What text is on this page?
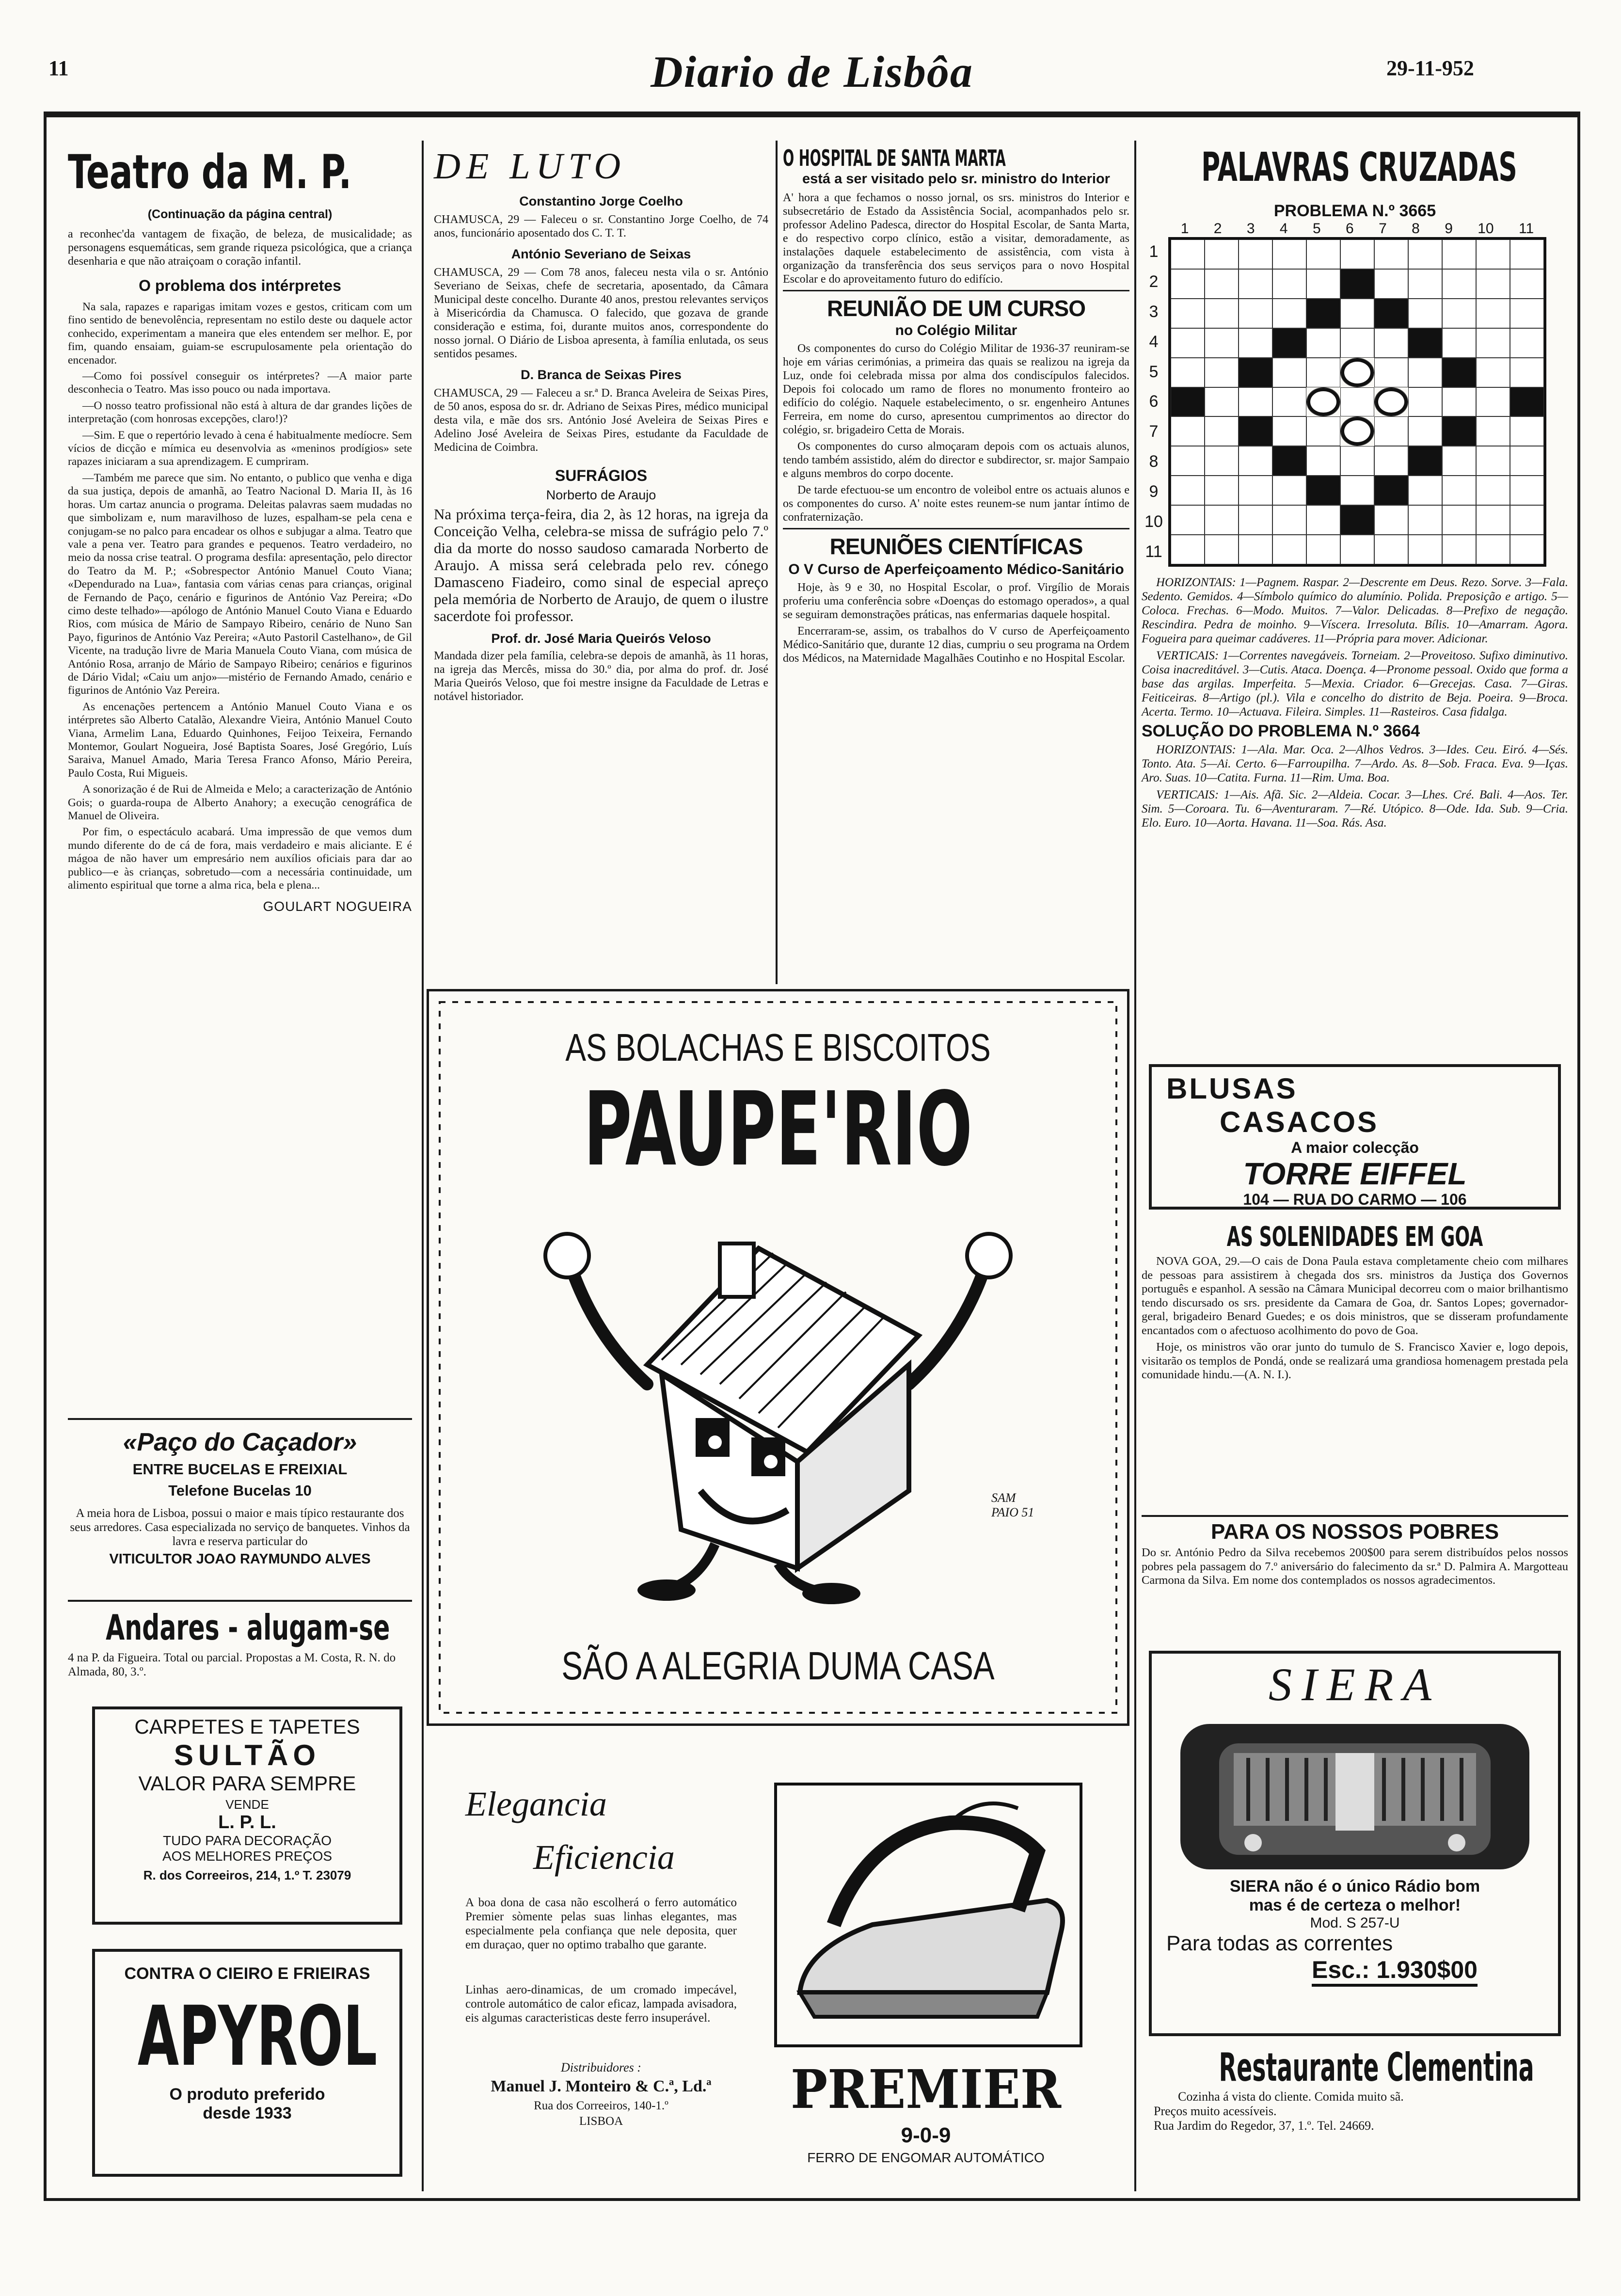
11	Diario de Lisbôa	29-11-952
Teatro da M. P.
(Continuação da página central)
a reconhec'da vantagem de fixação, de beleza, de musicalidade; as personagens esquemáticas, sem grande riqueza psicológica, que a criança desenharia e que não atraiçoam o coração infantil.
O problema dos intérpretes

Na sala, rapazes e raparigas imitam vozes e gestos, criticam com um fino sentido de benevolência, representam no estilo deste ou daquele actor conhecido, experimentam a maneira que eles entendem ser melhor. E, por fim, quando ensaiam, guiam-se escrupulosamente pela orientação do encenador.

—Como foi possível conseguir os intérpretes? —A maior parte desconhecia o Teatro. Mas isso pouco ou nada importava.

—O nosso teatro profissional não está à altura de dar grandes lições de interpretação (com honrosas excepções, claro!)?

—Sim. E que o repertório levado à cena é habitualmente medíocre. Sem vícios de dicção e mímica eu desenvolvia as «meninos prodígios» sete rapazes iniciaram a sua aprendizagem. E cumpriram.

—Também me parece que sim. No entanto, o publico que venha e diga da sua justiça, depois de amanhã, ao Teatro Nacional D. Maria II, às 16 horas. Um cartaz anuncia o programa. Deleitas palavras saem mudadas no que simbolizam e, num maravilhoso de luzes, espalham-se pela cena e conjugam-se no palco para encadear os olhos e subjugar a alma. Teatro que vale a pena ver. Teatro para grandes e pequenos. Teatro verdadeiro, no meio da nossa crise teatral. O programa desfila: apresentação, pelo director do Teatro da M. P.; «Sobrespector António Manuel Couto Viana; «Dependurado na Lua», fantasia com várias cenas para crianças, original de Fernando de Paço, cenário e figurinos de António Vaz Pereira; «Do cimo deste telhado»—apólogo de António Manuel Couto Viana e Eduardo Rios, com música de Mário de Sampayo Ribeiro, cenário de Nuno San Payo, figurinos de António Vaz Pereira; «Auto Pastoril Castelhano», de Gil Vicente, na tradução livre de Maria Manuela Couto Viana, com música de António Rosa, arranjo de Mário de Sampayo Ribeiro; cenários e figurinos de Dário Vidal; «Caiu um anjo»—mistério de Fernando Amado, cenário e figurinos de António Vaz Pereira.

As encenações pertencem a António Manuel Couto Viana e os intérpretes são Alberto Catalão, Alexandre Vieira, António Manuel Couto Viana, Armelim Lana, Eduardo Quinhones, Feijoo Teixeira, Fernando Montemor, Goulart Nogueira, José Baptista Soares, José Gregório, Luís Saraiva, Manuel Amado, Maria Teresa Franco Afonso, Mário Pereira, Paulo Costa, Rui Migueis.

A sonorização é de Rui de Almeida e Melo; a caracterização de António Gois; o guarda-roupa de Alberto Anahory; a execução cenográfica de Manuel de Oliveira.

Por fim, o espectáculo acabará. Uma impressão de que vemos dum mundo diferente do de cá de fora, mais verdadeiro e mais aliciante. E é mágoa de não haver um empresário nem auxílios oficiais para dar ao publico—e às crianças, sobretudo—com a necessária continuidade, um alimento espiritual que torne a alma rica, bela e plena...

GOULART NOGUEIRA
«Paço do Caçador»
ENTRE BUCELAS E FREIXIAL
Telefone Bucelas 10
A meia hora de Lisboa, possui o maior e mais típico restaurante dos seus arredores. Casa especializada no serviço de banquetes. Vinhos da lavra e reserva particular do
VITICULTOR JOAO RAYMUNDO ALVES
Andares - alugam-se
4 na P. da Figueira. Total ou parcial. Propostas a M. Costa, R. N. do Almada, 80, 3.º.
CARPETES E TAPETES
SULTÃO
VALOR PARA SEMPRE
VENDE
L. P. L.
TUDO PARA DECORAÇÃO
AOS MELHORES PREÇOS
R. dos Correeiros, 214, 1.º T. 23079
CONTRA O CIEIRO E FRIEIRAS
APYROL
O produto preferido
desde 1933
DE LUTO
Constantino Jorge Coelho
CHAMUSCA, 29 — Faleceu o sr. Constantino Jorge Coelho, de 74 anos, funcionário aposentado dos C. T. T.
António Severiano de Seixas
CHAMUSCA, 29 — Com 78 anos, faleceu nesta vila o sr. António Severiano de Seixas, chefe de secretaria, aposentado, da Câmara Municipal deste concelho. Durante 40 anos, prestou relevantes serviços à Misericórdia da Chamusca. O falecido, que gozava de grande consideração e estima, foi, durante muitos anos, correspondente do nosso jornal. O Diário de Lisboa apresenta, à família enlutada, os seus sentidos pesames.
D. Branca de Seixas Pires
CHAMUSCA, 29 — Faleceu a sr.ª D. Branca Aveleira de Seixas Pires, de 50 anos, esposa do sr. dr. Adriano de Seixas Pires, médico municipal desta vila, e mãe dos srs. António José Aveleira de Seixas Pires e Adelino José Aveleira de Seixas Pires, estudante da Faculdade de Medicina de Coimbra.
SUFRÁGIOS
Norberto de Araujo
Na próxima terça-feira, dia 2, às 12 horas, na igreja da Conceição Velha, celebra-se missa de sufrágio pelo 7.º dia da morte do nosso saudoso camarada Norberto de Araujo. A missa será celebrada pelo rev. cónego Damasceno Fiadeiro, como sinal de especial apreço pela memória de Norberto de Araujo, de quem o ilustre sacerdote foi professor.
Prof. dr. José Maria Queirós Veloso
Mandada dizer pela família, celebra-se depois de amanhã, às 11 horas, na igreja das Mercês, missa do 30.º dia, por alma do prof. dr. José Maria Queirós Veloso, que foi mestre insigne da Faculdade de Letras e notável historiador.
O HOSPITAL DE SANTA MARTA
está a ser visitado pelo sr. ministro do Interior
A' hora a que fechamos o nosso jornal, os srs. ministros do Interior e subsecretário de Estado da Assistência Social, acompanhados pelo sr. professor Adelino Padesca, director do Hospital Escolar, de Santa Marta, e do respectivo corpo clínico, estão a visitar, demoradamente, as instalações daquele estabelecimento de assistência, com vista à organização da transferência dos seus serviços para o novo Hospital Escolar e do aproveitamento futuro do edifício.
REUNIÃO DE UM CURSO
no Colégio Militar

Os componentes do curso do Colégio Militar de 1936-37 reuniram-se hoje em várias cerimónias, a primeira das quais se realizou na igreja da Luz, onde foi celebrada missa por alma dos condiscípulos falecidos. Depois foi colocado um ramo de flores no monumento fronteiro ao edifício do colégio. Naquele estabelecimento, o sr. engenheiro Antunes Ferreira, em nome do curso, apresentou cumprimentos ao director do colégio, sr. brigadeiro Cetta de Morais.

Os componentes do curso almoçaram depois com os actuais alunos, tendo também assistido, além do director e subdirector, sr. major Sampaio e alguns membros do corpo docente.

De tarde efectuou-se um encontro de voleibol entre os actuais alunos e os componentes do curso. A' noite estes reunem-se num jantar íntimo de confraternização.

REUNIÕES CIENTÍFICAS
O V Curso de Aperfeiçoamento Médico-Sanitário

Hoje, às 9 e 30, no Hospital Escolar, o prof. Virgílio de Morais proferiu uma conferência sobre «Doenças do estomago operados», a qual se seguiram demonstrações práticas, nas enfermarias daquele hospital.

Encerraram-se, assim, os trabalhos do V curso de Aperfeiçoamento Médico-Sanitário que, durante 12 dias, cumpriu o seu programa na Ordem dos Médicos, na Maternidade Magalhães Coutinho e no Hospital Escolar.

AS BOLACHAS E BISCOITOS
PAUPE'RIO
SAM PAIO 51
SÃO A ALEGRIA DUMA CASA
Elegancia
Eficiencia
A boa dona de casa não escolherá o ferro automático Premier sòmente pelas suas linhas elegantes, mas especialmente pela confiança que nele deposita, quer em duraçao, quer no optimo trabalho que garante.
Linhas aero-dinamicas, de um cromado impecável, controle automático de calor eficaz, lampada avisadora, eis algumas caracteristicas deste ferro insuperável.
Distribuidores :
Manuel J. Monteiro & C.ª, Ld.ª
Rua dos Correeiros, 140-1.º
LISBOA
PREMIER
9-0-9
FERRO DE ENGOMAR AUTOMÁTICO
PALAVRAS CRUZADAS
PROBLEMA N.º 3665
1 2 3 4 5 6 7 8 9 10 11
1
2
3
4
5
6
7
8
9
10
11

HORIZONTAIS: 1—Pagnem. Raspar. 2—Descrente em Deus. Rezo. Sorve. 3—Fala. Sedento. Gemidos. 4—Símbolo químico do alumínio. Polida. Preposição e artigo. 5—Coloca. Frechas. 6—Modo. Muitos. 7—Valor. Delicadas. 8—Prefixo de negação. Rescindira. Pedra de moinho. 9—Víscera. Irresoluta. Bílis. 10—Amarram. Agora. Fogueira para queimar cadáveres. 11—Própria para mover. Adicionar.

VERTICAIS: 1—Correntes navegáveis. Torneiam. 2—Proveitoso. Sufixo diminutivo. Coisa inacreditável. 3—Cutis. Ataca. Doença. 4—Pronome pessoal. Oxido que forma a base das argilas. Imperfeita. 5—Mexia. Criador. 6—Grecejas. Casa. 7—Giras. Feiticeiras. 8—Artigo (pl.). Vila e concelho do distrito de Beja. Poeira. 9—Broca. Acerta. Termo. 10—Actuava. Fileira. Simples. 11—Rasteiros. Casa fidalga.

SOLUÇÃO DO PROBLEMA N.º 3664

HORIZONTAIS: 1—Ala. Mar. Oca. 2—Alhos Vedros. 3—Ides. Ceu. Eiró. 4—Sés. Tonto. Ata. 5—Ai. Certo. 6—Farroupilha. 7—Ardo. As. 8—Sob. Fraca. Eva. 9—Iças. Aro. Suas. 10—Catita. Furna. 11—Rim. Uma. Boa.

VERTICAIS: 1—Ais. Afã. Sic. 2—Aldeia. Cocar. 3—Lhes. Cré. Bali. 4—Aos. Ter. Sim. 5—Coroara. Tu. 6—Aventuraram. 7—Ré. Utópico. 8—Ode. Ida. Sub. 9—Cria. Elo. Euro. 10—Aorta. Havana. 11—Soa. Rás. Asa.

BLUSAS
CASACOS
A maior colecção
TORRE EIFFEL
104 — RUA DO CARMO — 106
AS SOLENIDADES EM GOA

NOVA GOA, 29.—O cais de Dona Paula estava completamente cheio com milhares de pessoas para assistirem à chegada dos srs. ministros da Justiça dos Governos português e espanhol. A sessão na Câmara Municipal decorreu com o maior brilhantismo tendo discursado os srs. presidente da Camara de Goa, dr. Santos Lopes; governador-geral, brigadeiro Benard Guedes; e os dois ministros, que se disseram profundamente encantados com o afectuoso acolhimento do povo de Goa.

Hoje, os ministros vão orar junto do tumulo de S. Francisco Xavier e, logo depois, visitarão os templos de Pondá, onde se realizará uma grandiosa homenagem prestada pela comunidade hindu.—(A. N. I.).

PARA OS NOSSOS POBRES
Do sr. António Pedro da Silva recebemos 200$00 para serem distribuídos pelos nossos pobres pela passagem do 7.º aniversário do falecimento da sr.ª D. Palmira A. Margotteau Carmona da Silva. Em nome dos contemplados os nossos agradecimentos.
SIERA
SIERA não é o único Rádio bom
mas é de certeza o melhor!
Mod. S 257-U
Para todas as correntes
Esc.: 1.930$00
Restaurante Clementina
Cozinha á vista do cliente. Comida muito sã.
Preços muito acessíveis.
Rua Jardim do Regedor, 37, 1.º. Tel. 24669.
